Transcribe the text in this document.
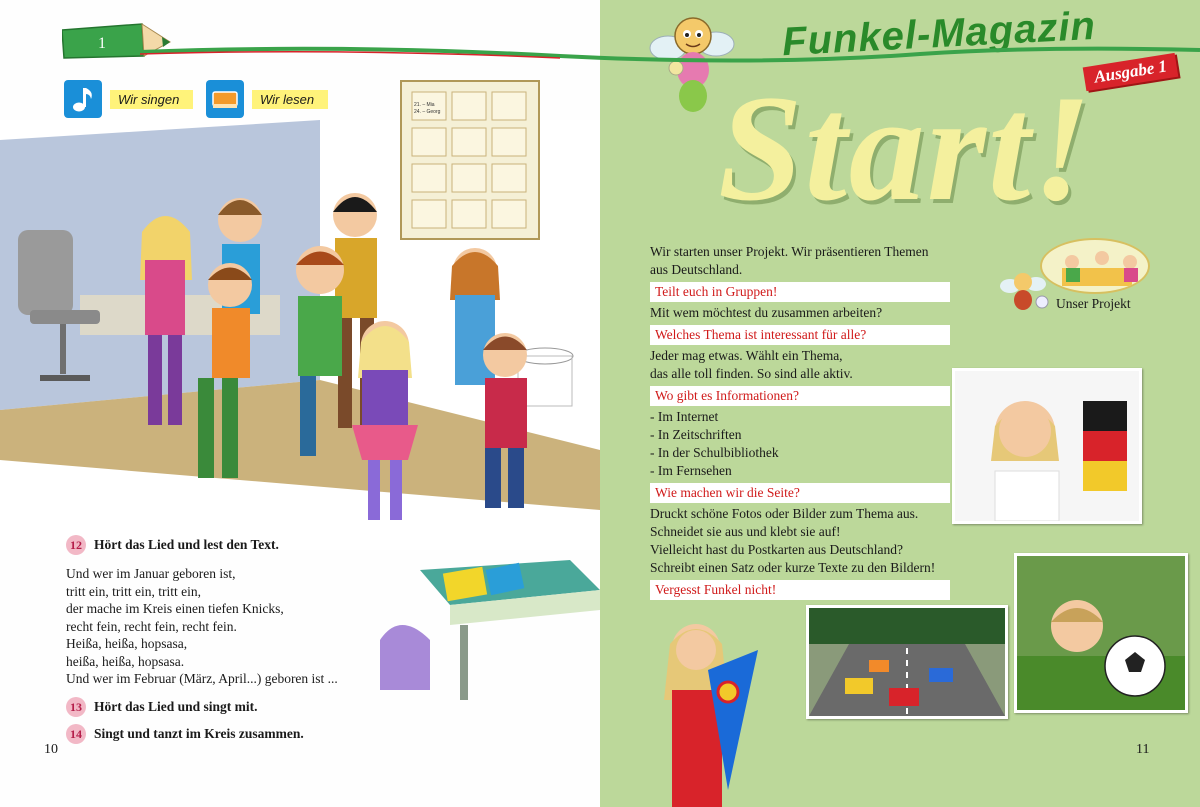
1
Wir singen	Wir lesen	21. – Mia
24. – Georg
12 Hört das Lied und lest den Text.
Und wer im Januar geboren ist,
tritt ein, tritt ein, tritt ein,
der mache im Kreis einen tiefen Knicks,
recht fein, recht fein, recht fein.
Heißa, heißa, hopsasa,
heißa, heißa, hopsasa.
Und wer im Februar (März, April...) geboren ist ...
13 Hört das Lied und singt mit.
14 Singt und tanzt im Kreis zusammen.
10
Funkel-Magazin
Ausgabe 1
Start!
Wir starten unser Projekt. Wir präsentieren Themen
aus Deutschland.
Teilt euch in Gruppen!
Mit wem möchtest du zusammen arbeiten?
Welches Thema ist interessant für alle?
Jeder mag etwas. Wählt ein Thema,
das alle toll finden. So sind alle aktiv.
Wo gibt es Informationen?
- Im Internet
- In Zeitschriften
- In der Schulbibliothek
- Im Fernsehen
Wie machen wir die Seite?
Druckt schöne Fotos oder Bilder zum Thema aus.
Schneidet sie aus und klebt sie auf!
Vielleicht hast du Postkarten aus Deutschland?
Schreibt einen Satz oder kurze Texte zu den Bildern!
Vergesst Funkel nicht!
Unser Projekt
11
